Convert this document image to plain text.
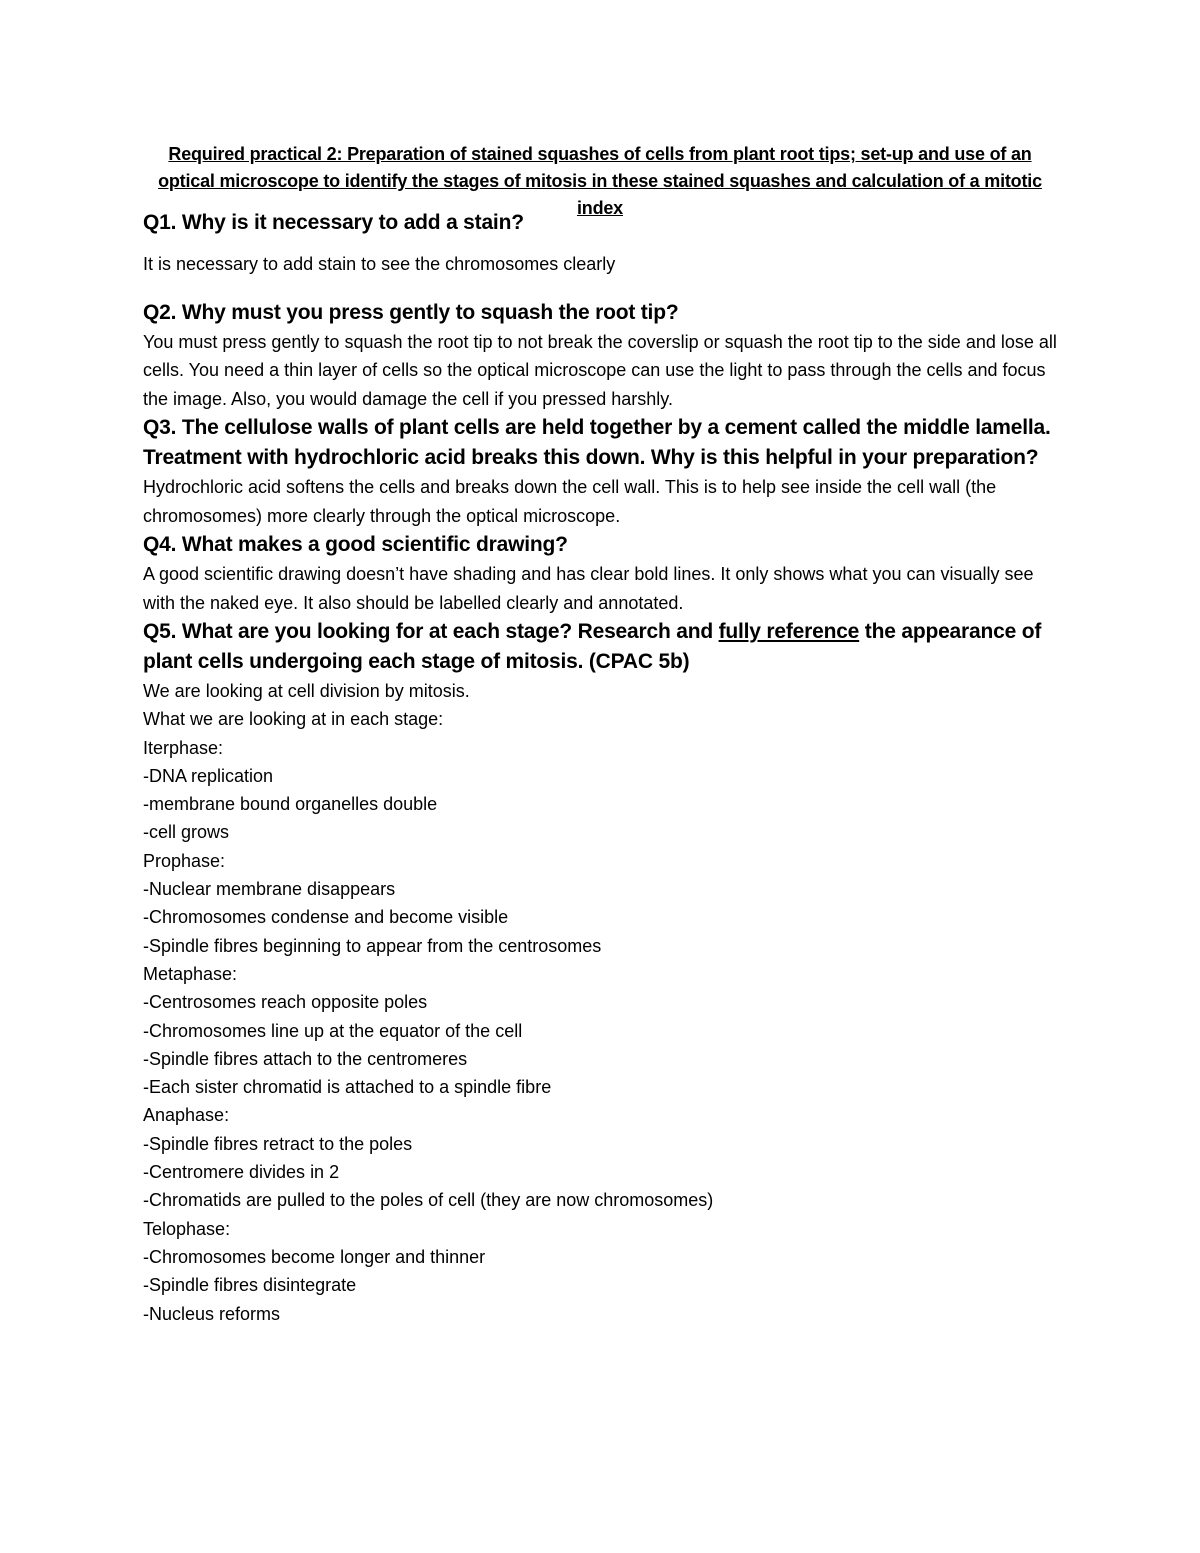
Required practical 2: Preparation of stained squashes of cells from plant root tips; set-up and use of an optical microscope to identify the stages of mitosis in these stained squashes and calculation of a mitotic index

Q1. Why is it necessary to add a stain?

It is necessary to add stain to see the chromosomes clearly

Q2. Why must you press gently to squash the root tip?

You must press gently to squash the root tip to not break the coverslip or squash the root tip to the side and lose all cells. You need a thin layer of cells so the optical microscope can use the light to pass through the cells and focus the image. Also, you would damage the cell if you pressed harshly.

Q3. The cellulose walls of plant cells are held together by a cement called the middle lamella. Treatment with hydrochloric acid breaks this down. Why is this helpful in your preparation?

Hydrochloric acid softens the cells and breaks down the cell wall. This is to help see inside the cell wall (the chromosomes) more clearly through the optical microscope.

Q4. What makes a good scientific drawing?

A good scientific drawing doesn’t have shading and has clear bold lines. It only shows what you can visually see with the naked eye. It also should be labelled clearly and annotated.

Q5. What are you looking for at each stage? Research and fully reference the appearance of plant cells undergoing each stage of mitosis. (CPAC 5b)

We are looking at cell division by mitosis.

What we are looking at in each stage:

Iterphase:

-DNA replication

-membrane bound organelles double

-cell grows

Prophase:

-Nuclear membrane disappears

-Chromosomes condense and become visible

-Spindle fibres beginning to appear from the centrosomes

Metaphase:

-Centrosomes reach opposite poles

-Chromosomes line up at the equator of the cell

-Spindle fibres attach to the centromeres

-Each sister chromatid is attached to a spindle fibre

Anaphase:

-Spindle fibres retract to the poles

-Centromere divides in 2

-Chromatids are pulled to the poles of cell (they are now chromosomes)

Telophase:

-Chromosomes become longer and thinner

-Spindle fibres disintegrate

-Nucleus reforms
